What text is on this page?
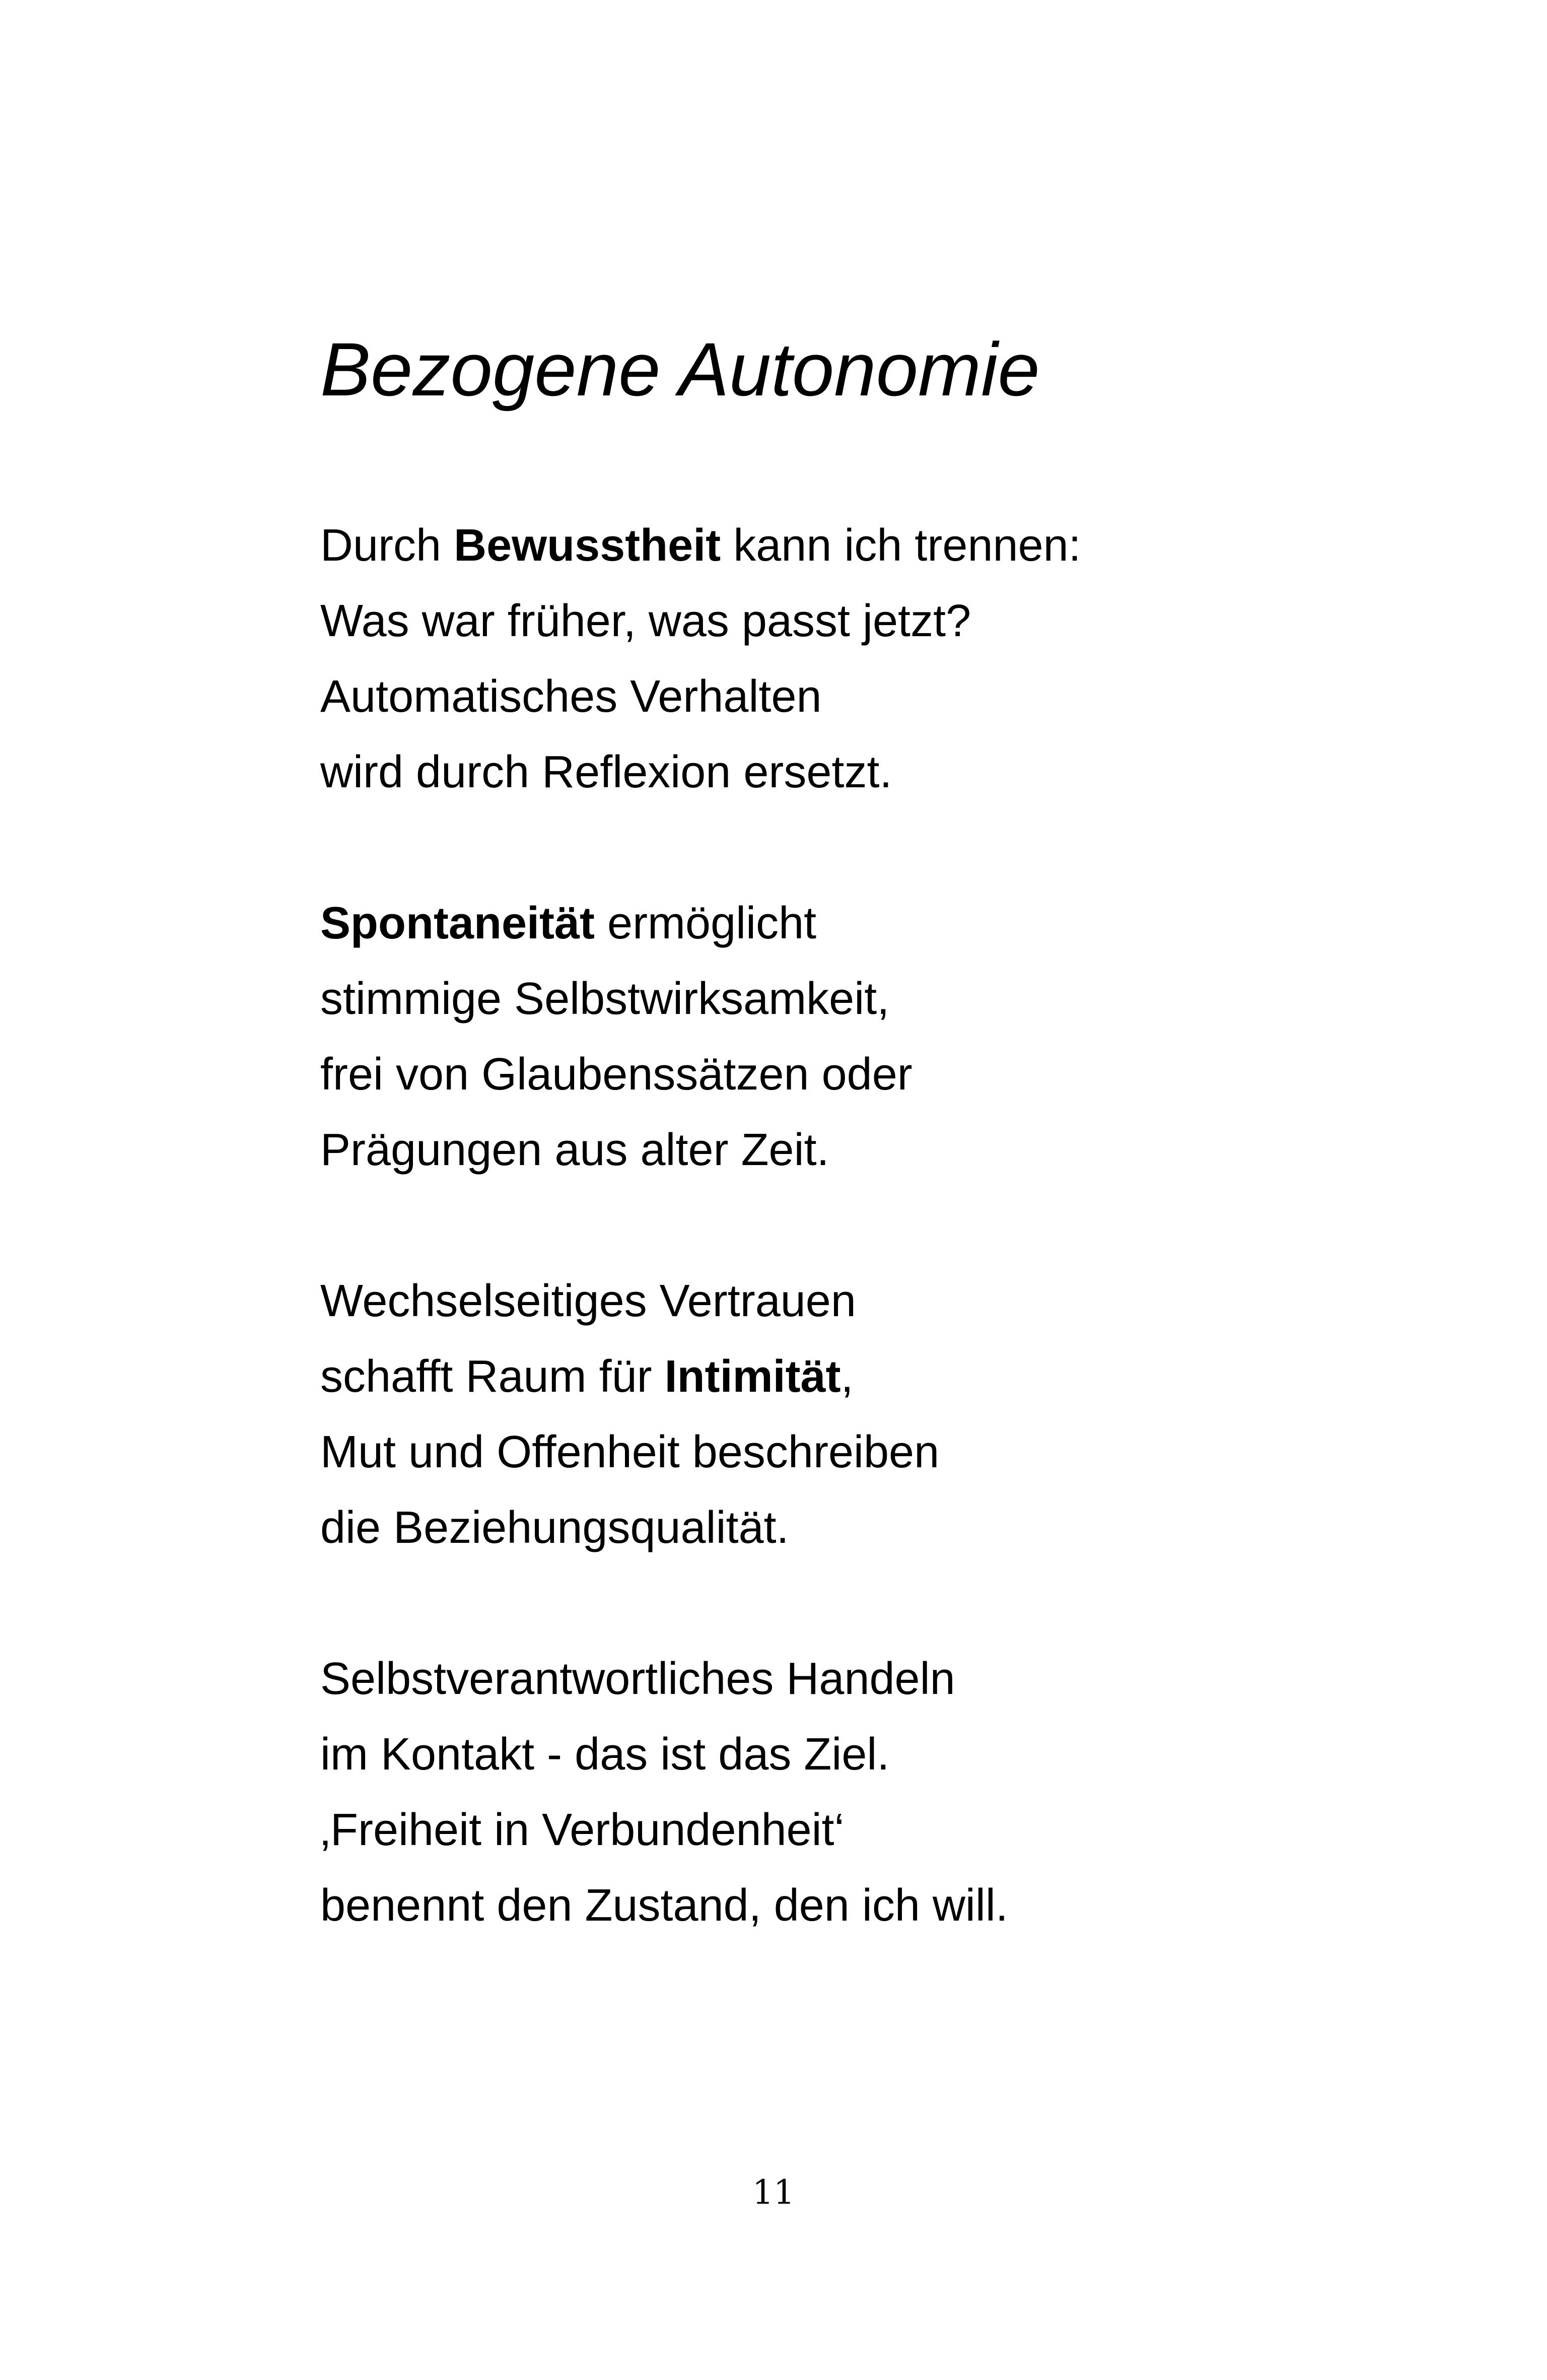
Bezogene Autonomie
Durch Bewusstheit kann ich trennen:
Was war früher, was passt jetzt?
Automatisches Verhalten
wird durch Reflexion ersetzt.
Spontaneität ermöglicht
stimmige Selbstwirksamkeit,
frei von Glaubenssätzen oder
Prägungen aus alter Zeit.
Wechselseitiges Vertrauen
schafft Raum für Intimität,
Mut und Offenheit beschreiben
die Beziehungsqualität.
Selbstverantwortliches Handeln
im Kontakt - das ist das Ziel.
‚Freiheit in Verbundenheit‘
benennt den Zustand, den ich will.
11
